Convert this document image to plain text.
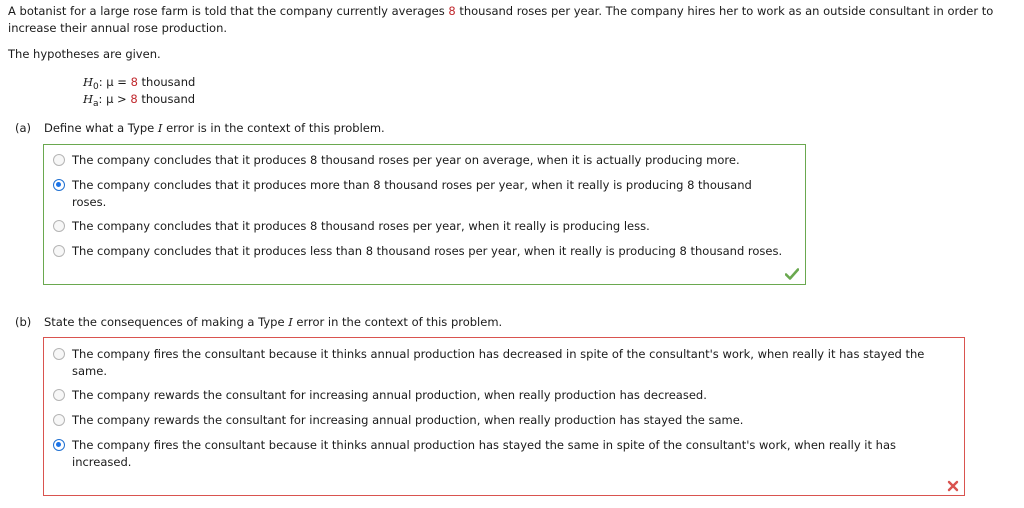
A botanist for a large rose farm is told that the company currently averages 8 thousand roses per year. The company hires her to work as an outside consultant in order to increase their annual rose production.
The hypotheses are given.
$H_0$: μ = 8 thousand
$H_a$: μ > 8 thousand
(a) Define what a Type I error is in the context of this problem.
The company concludes that it produces 8 thousand roses per year on average, when it is actually producing more.
The company concludes that it produces more than 8 thousand roses per year, when it really is producing 8 thousand roses.
The company concludes that it produces 8 thousand roses per year, when it really is producing less.
The company concludes that it produces less than 8 thousand roses per year, when it really is producing 8 thousand roses.
(b) State the consequences of making a Type I error in the context of this problem.
The company fires the consultant because it thinks annual production has decreased in spite of the consultant's work, when really it has stayed the same.
The company rewards the consultant for increasing annual production, when really production has decreased.
The company rewards the consultant for increasing annual production, when really production has stayed the same.
The company fires the consultant because it thinks annual production has stayed the same in spite of the consultant's work, when really it has increased.
